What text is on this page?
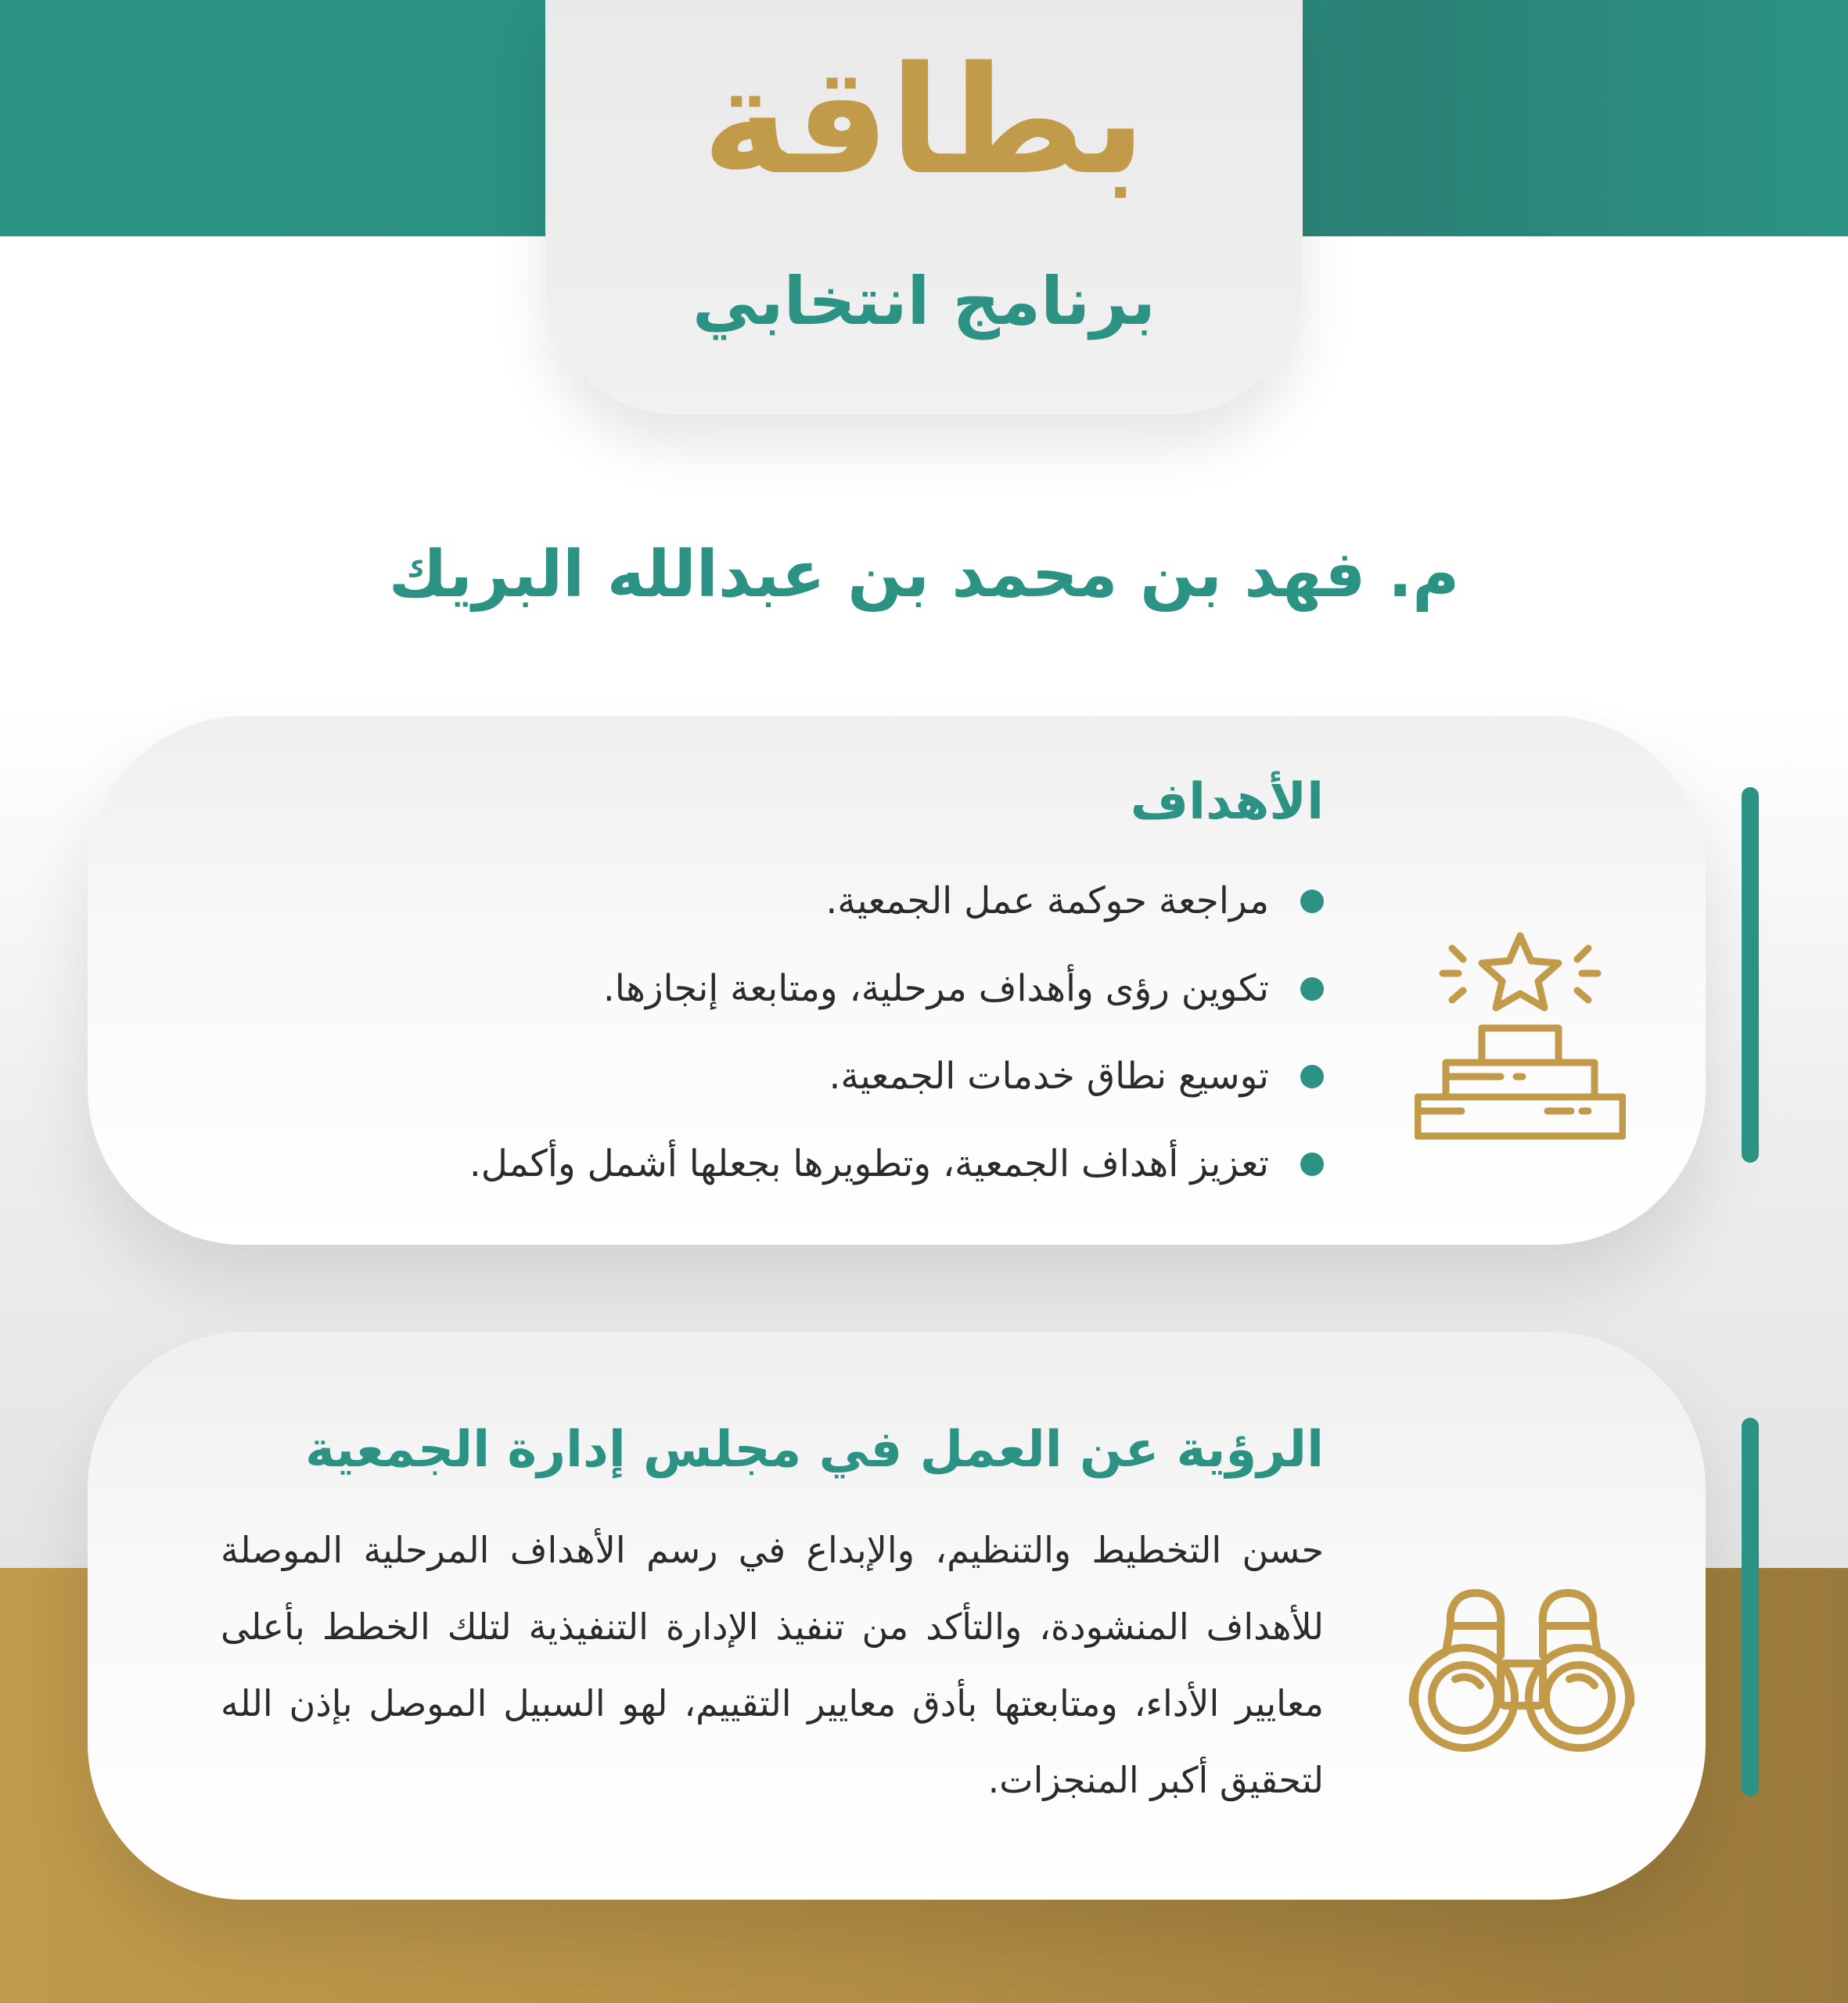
بطاقة
برنامج انتخابي
م. فهد بن محمد بن عبدالله البريك
الأهداف
مراجعة حوكمة عمل الجمعية.
تكوين رؤى وأهداف مرحلية، ومتابعة إنجازها.
توسيع نطاق خدمات الجمعية.
تعزيز أهداف الجمعية، وتطويرها بجعلها أشمل وأكمل.
الرؤية عن العمل في مجلس إدارة الجمعية

حسن التخطيط والتنظيم، والإبداع في رسم الأهداف المرحلية الموصلة للأهداف المنشودة، والتأكد من تنفيذ الإدارة التنفيذية لتلك الخطط بأعلى معايير الأداء، ومتابعتها بأدق معايير التقييم، لهو السبيل الموصل بإذن الله لتحقيق أكبر المنجزات.
